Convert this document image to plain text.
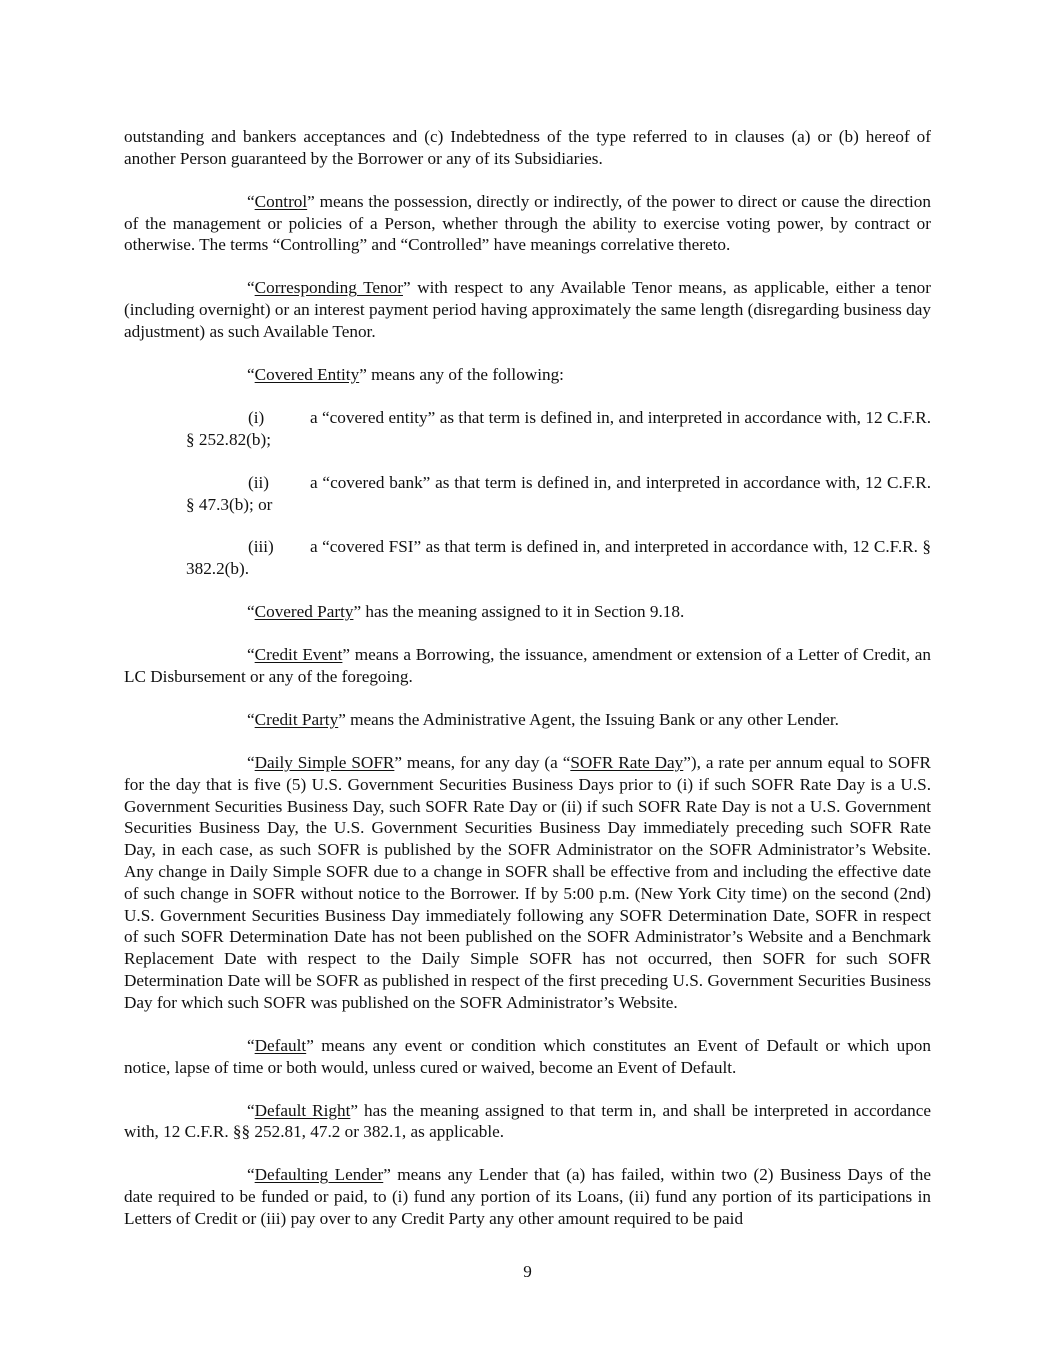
outstanding and bankers acceptances and (c) Indebtedness of the type referred to in clauses (a) or (b) hereof of another Person guaranteed by the Borrower or any of its Subsidiaries.

“Control” means the possession, directly or indirectly, of the power to direct or cause the direction of the management or policies of a Person, whether through the ability to exercise voting power, by contract or otherwise. The terms “Controlling” and “Controlled” have meanings correlative thereto.

“Corresponding Tenor” with respect to any Available Tenor means, as applicable, either a tenor (including overnight) or an interest payment period having approximately the same length (disregarding business day adjustment) as such Available Tenor.

“Covered Entity” means any of the following:

(i)	a “covered entity” as that term is defined in, and interpreted in accordance with, 12 C.F.R. § 252.82(b);

(ii) a “covered bank” as that term is defined in, and interpreted in accordance with, 12 C.F.R. § 47.3(b); or

(iii) a “covered FSI” as that term is defined in, and interpreted in accordance with, 12 C.F.R. § 382.2(b).

“Covered Party” has the meaning assigned to it in Section 9.18.

“Credit Event” means a Borrowing, the issuance, amendment or extension of a Letter of Credit, an LC Disbursement or any of the foregoing.

“Credit Party” means the Administrative Agent, the Issuing Bank or any other Lender.

“Daily Simple SOFR” means, for any day (a “SOFR Rate Day”), a rate per annum equal to SOFR for the day that is five (5) U.S. Government Securities Business Days prior to (i) if such SOFR Rate Day is a U.S. Government Securities Business Day, such SOFR Rate Day or (ii) if such SOFR Rate Day is not a U.S. Government Securities Business Day, the U.S. Government Securities Business Day immediately preceding such SOFR Rate Day, in each case, as such SOFR is published by the SOFR Administrator on the SOFR Administrator’s Website. Any change in Daily Simple SOFR due to a change in SOFR shall be effective from and including the effective date of such change in SOFR without notice to the Borrower. If by 5:00 p.m. (New York City time) on the second (2nd) U.S. Government Securities Business Day immediately following any SOFR Determination Date, SOFR in respect of such SOFR Determination Date has not been published on the SOFR Administrator’s Website and a Benchmark Replacement Date with respect to the Daily Simple SOFR has not occurred, then SOFR for such SOFR Determination Date will be SOFR as published in respect of the first preceding U.S. Government Securities Business Day for which such SOFR was published on the SOFR Administrator’s Website.

“Default” means any event or condition which constitutes an Event of Default or which upon notice, lapse of time or both would, unless cured or waived, become an Event of Default.

“Default Right” has the meaning assigned to that term in, and shall be interpreted in accordance with, 12 C.F.R. §§ 252.81, 47.2 or 382.1, as applicable.

“Defaulting Lender” means any Lender that (a) has failed, within two (2) Business Days of the date required to be funded or paid, to (i) fund any portion of its Loans, (ii) fund any portion of its participations in Letters of Credit or (iii) pay over to any Credit Party any other amount required to be paid

9
